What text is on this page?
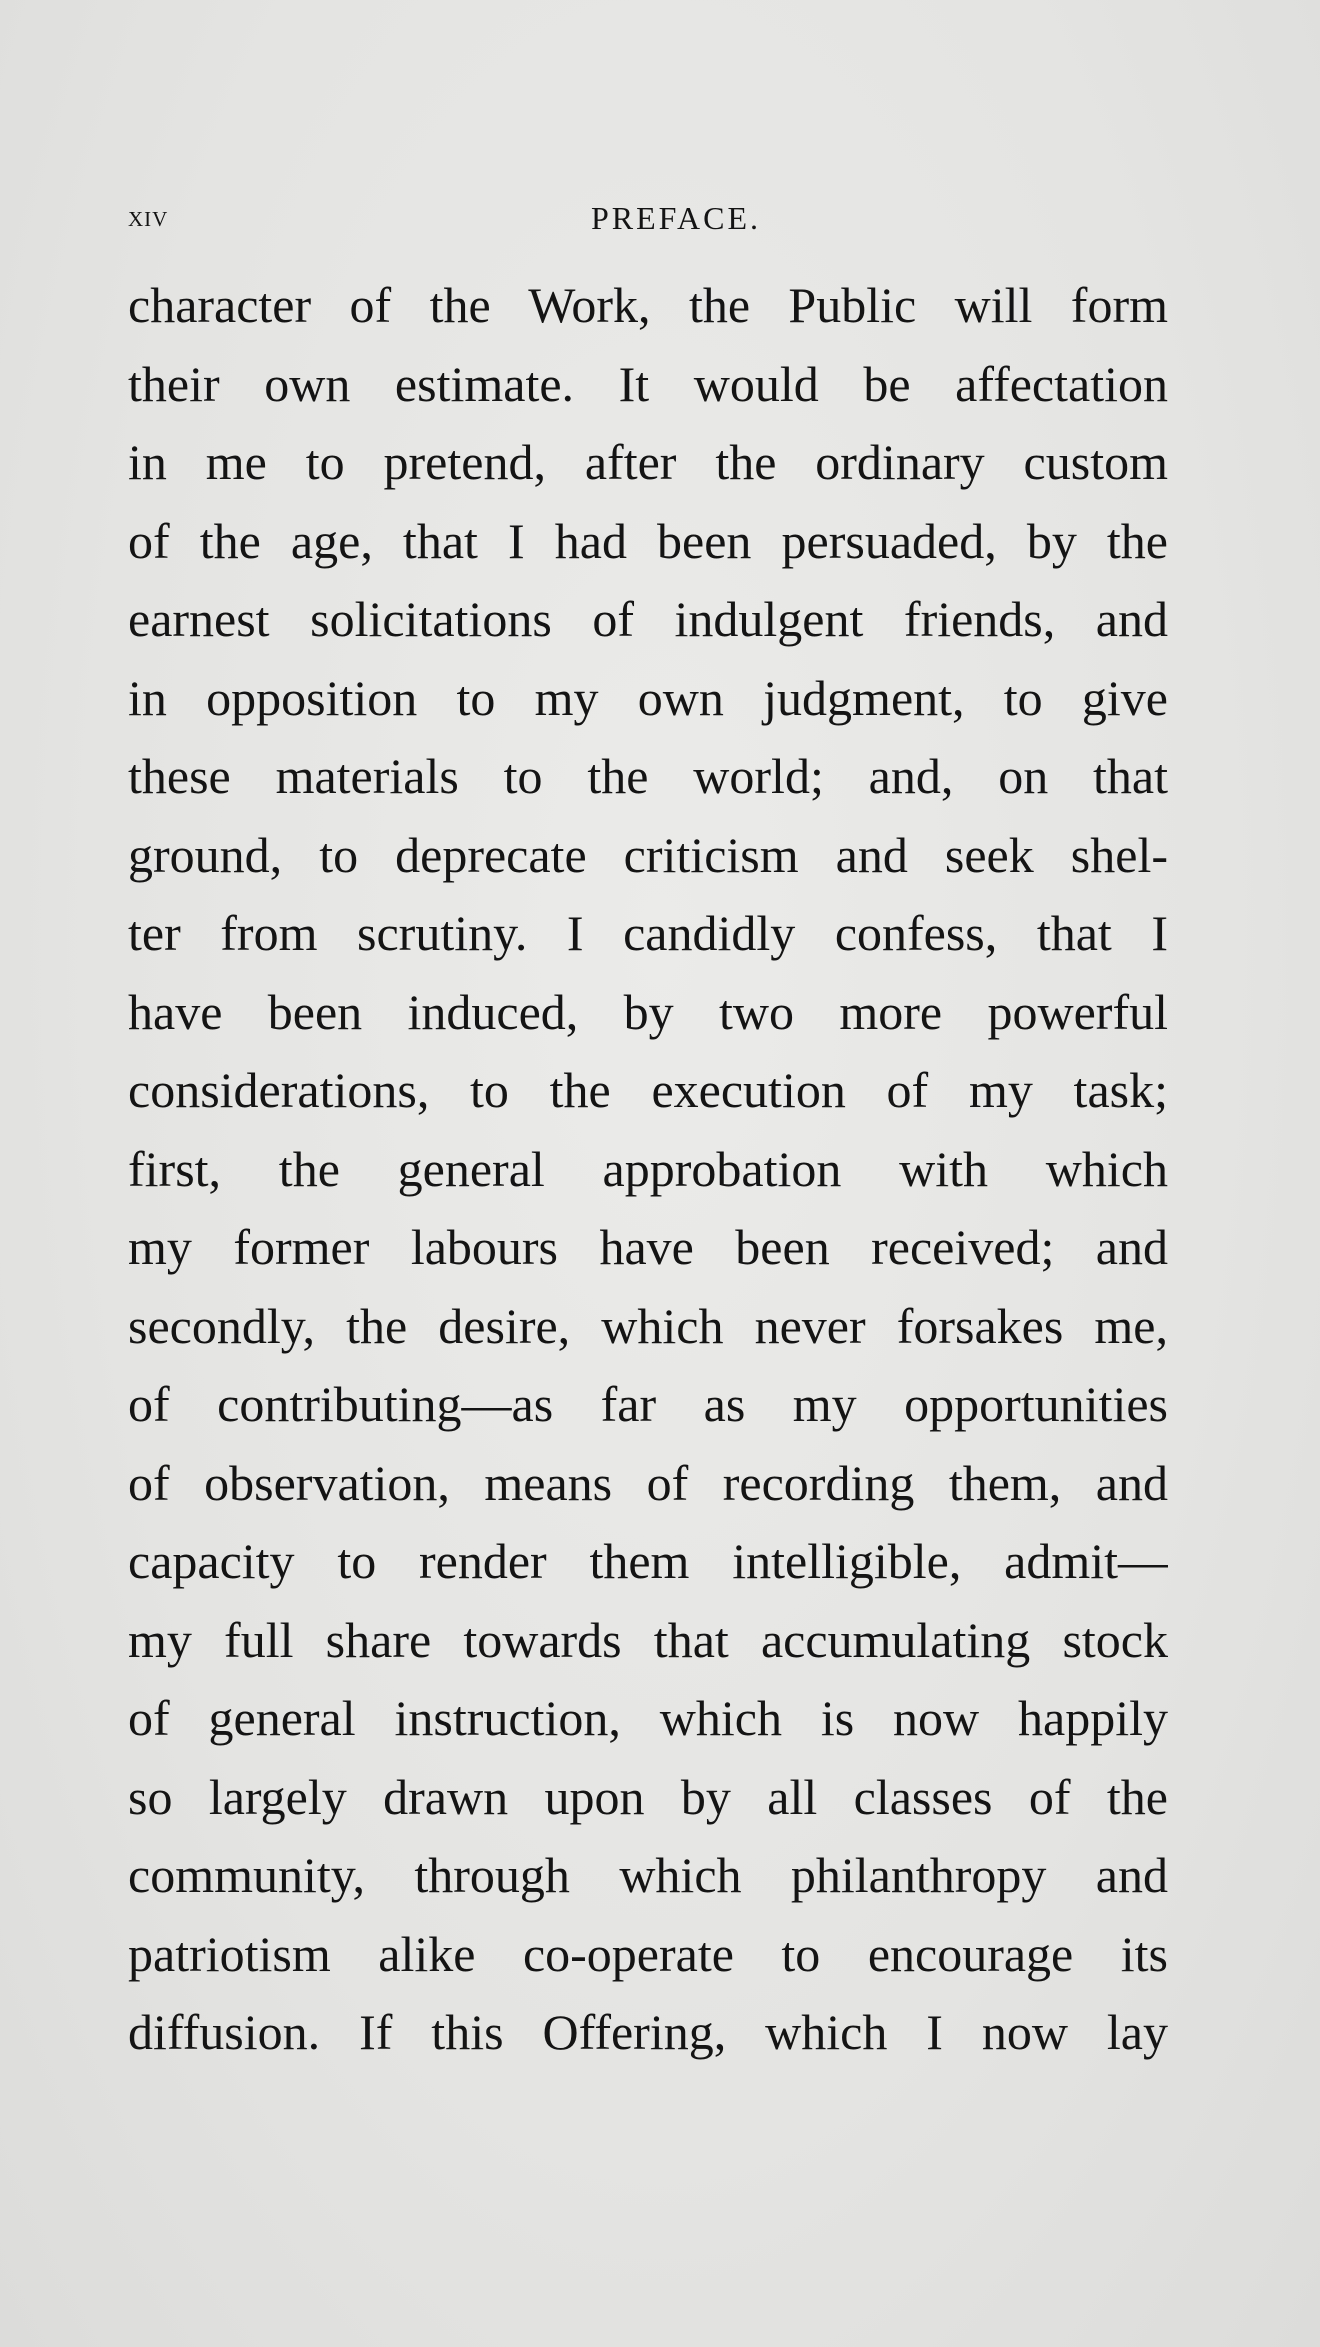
xiv	PREFACE.
character of the Work, the Public will form
their own estimate. It would be affectation
in me to pretend, after the ordinary custom
of the age, that I had been persuaded, by the
earnest solicitations of indulgent friends, and
in opposition to my own judgment, to give
these materials to the world; and, on that
ground, to deprecate criticism and seek shel-
ter from scrutiny. I candidly confess, that I
have been induced, by two more powerful
considerations, to the execution of my task;
first, the general approbation with which
my former labours have been received; and
secondly, the desire, which never forsakes me,
of contributing—as far as my opportunities
of observation, means of recording them, and
capacity to render them intelligible, admit—
my full share towards that accumulating stock
of general instruction, which is now happily
so largely drawn upon by all classes of the
community, through which philanthropy and
patriotism alike co-operate to encourage its
diffusion. If this Offering, which I now lay
